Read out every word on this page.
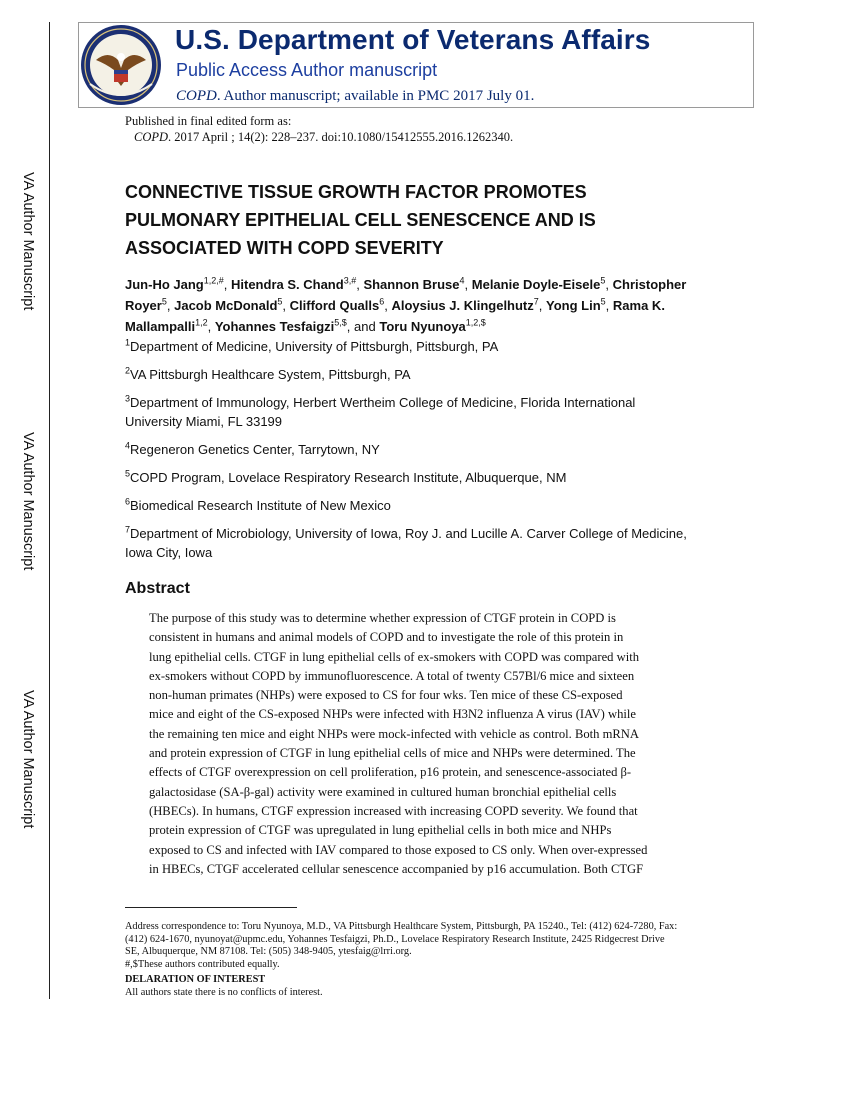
VA Author Manuscript
VA Author Manuscript
VA Author Manuscript
U.S. Department of Veterans Affairs
Public Access Author manuscript
COPD. Author manuscript; available in PMC 2017 July 01.
Published in final edited form as:
COPD. 2017 April ; 14(2): 228–237. doi:10.1080/15412555.2016.1262340.
CONNECTIVE TISSUE GROWTH FACTOR PROMOTES
PULMONARY EPITHELIAL CELL SENESCENCE AND IS
ASSOCIATED WITH COPD SEVERITY
Jun-Ho Jang$^{1,2,\#}$, Hitendra S. Chand$^{3,\#}$, Shannon Bruse$^4$, Melanie Doyle-Eisele$^5$, Christopher Royer$^5$, Jacob McDonald$^5$, Clifford Qualls$^6$, Aloysius J. Klingelhutz$^7$, Yong Lin$^5$, Rama K. Mallampalli$^{1,2}$, Yohannes Tesfaigzi$^{5,\$}$, and Toru Nyunoya$^{1,2,\$}$
$^1$Department of Medicine, University of Pittsburgh, Pittsburgh, PA
$^2$VA Pittsburgh Healthcare System, Pittsburgh, PA
$^3$Department of Immunology, Herbert Wertheim College of Medicine, Florida International
University Miami, FL 33199
$^4$Regeneron Genetics Center, Tarrytown, NY
$^5$COPD Program, Lovelace Respiratory Research Institute, Albuquerque, NM
$^6$Biomedical Research Institute of New Mexico
$^7$Department of Microbiology, University of Iowa, Roy J. and Lucille A. Carver College of Medicine,
Iowa City, Iowa
Abstract
The purpose of this study was to determine whether expression of CTGF protein in COPD is
consistent in humans and animal models of COPD and to investigate the role of this protein in
lung epithelial cells. CTGF in lung epithelial cells of ex-smokers with COPD was compared with
ex-smokers without COPD by immunofluorescence. A total of twenty C57Bl/6 mice and sixteen
non-human primates (NHPs) were exposed to CS for four wks. Ten mice of these CS-exposed
mice and eight of the CS-exposed NHPs were infected with H3N2 influenza A virus (IAV) while
the remaining ten mice and eight NHPs were mock-infected with vehicle as control. Both mRNA
and protein expression of CTGF in lung epithelial cells of mice and NHPs were determined. The
effects of CTGF overexpression on cell proliferation, p16 protein, and senescence-associated β-
galactosidase (SA-β-gal) activity were examined in cultured human bronchial epithelial cells
(HBECs). In humans, CTGF expression increased with increasing COPD severity. We found that
protein expression of CTGF was upregulated in lung epithelial cells in both mice and NHPs
exposed to CS and infected with IAV compared to those exposed to CS only. When over-expressed
in HBECs, CTGF accelerated cellular senescence accompanied by p16 accumulation. Both CTGF
Address correspondence to: Toru Nyunoya, M.D., VA Pittsburgh Healthcare System, Pittsburgh, PA 15240., Tel: (412) 624-7280, Fax:
(412) 624-1670, nyunoyat@upmc.edu, Yohannes Tesfaigzi, Ph.D., Lovelace Respiratory Research Institute, 2425 Ridgecrest Drive
SE, Albuquerque, NM 87108. Tel: (505) 348-9405, ytesfaig@lrri.org.
#,$These authors contributed equally.
DELARATION OF INTEREST
All authors state there is no conflicts of interest.
